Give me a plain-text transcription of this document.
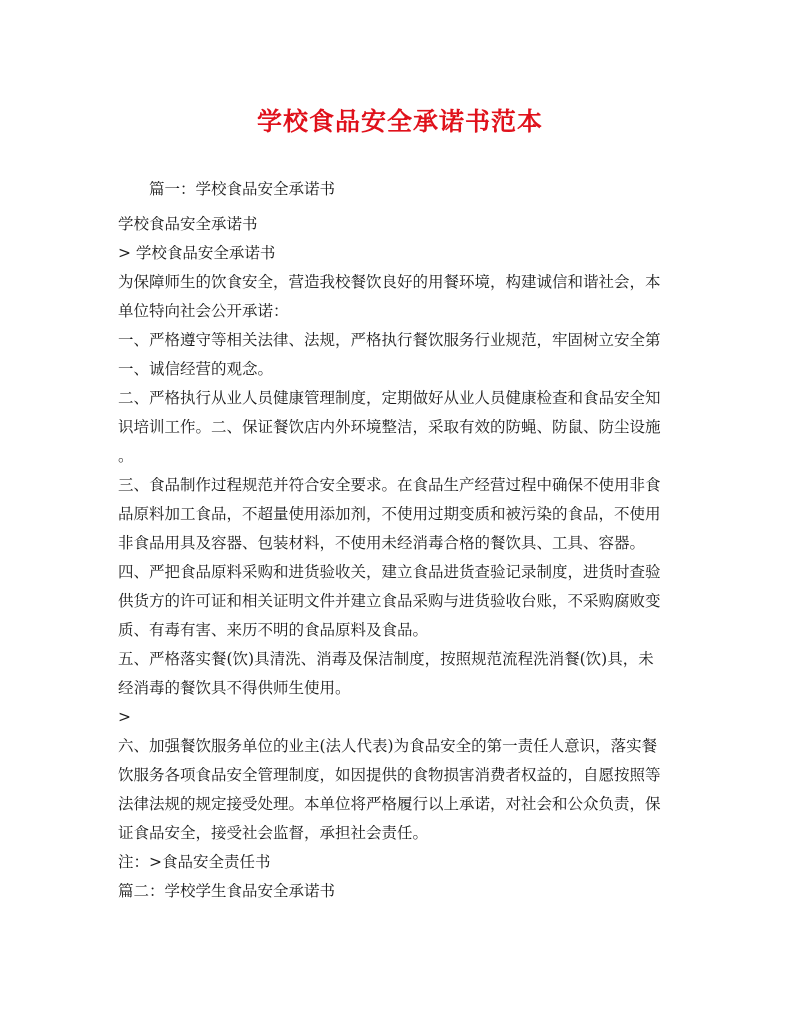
学校食品安全承诺书范本
篇一：学校食品安全承诺书
学校食品安全承诺书
> 学校食品安全承诺书
为保障师生的饮食安全，营造我校餐饮良好的用餐环境，构建诚信和谐社会，本
单位特向社会公开承诺：
一、严格遵守等相关法律、法规，严格执行餐饮服务行业规范，牢固树立安全第
一、诚信经营的观念。
二、严格执行从业人员健康管理制度，定期做好从业人员健康检查和食品安全知
识培训工作。二、保证餐饮店内外环境整洁，采取有效的防蝇、防鼠、防尘设施
。
三、食品制作过程规范并符合安全要求。在食品生产经营过程中确保不使用非食
品原料加工食品，不超量使用添加剂，不使用过期变质和被污染的食品，不使用
非食品用具及容器、包装材料，不使用未经消毒合格的餐饮具、工具、容器。
四、严把食品原料采购和进货验收关，建立食品进货查验记录制度，进货时查验
供货方的许可证和相关证明文件并建立食品采购与进货验收台账，不采购腐败变
质、有毒有害、来历不明的食品原料及食品。
五、严格落实餐(饮)具清洗、消毒及保洁制度，按照规范流程洗消餐(饮)具，未
经消毒的餐饮具不得供师生使用。
>
六、加强餐饮服务单位的业主(法人代表)为食品安全的第一责任人意识，落实餐
饮服务各项食品安全管理制度，如因提供的食物损害消费者权益的，自愿按照等
法律法规的规定接受处理。本单位将严格履行以上承诺，对社会和公众负责，保
证食品安全，接受社会监督，承担社会责任。
注：>食品安全责任书
篇二：学校学生食品安全承诺书
